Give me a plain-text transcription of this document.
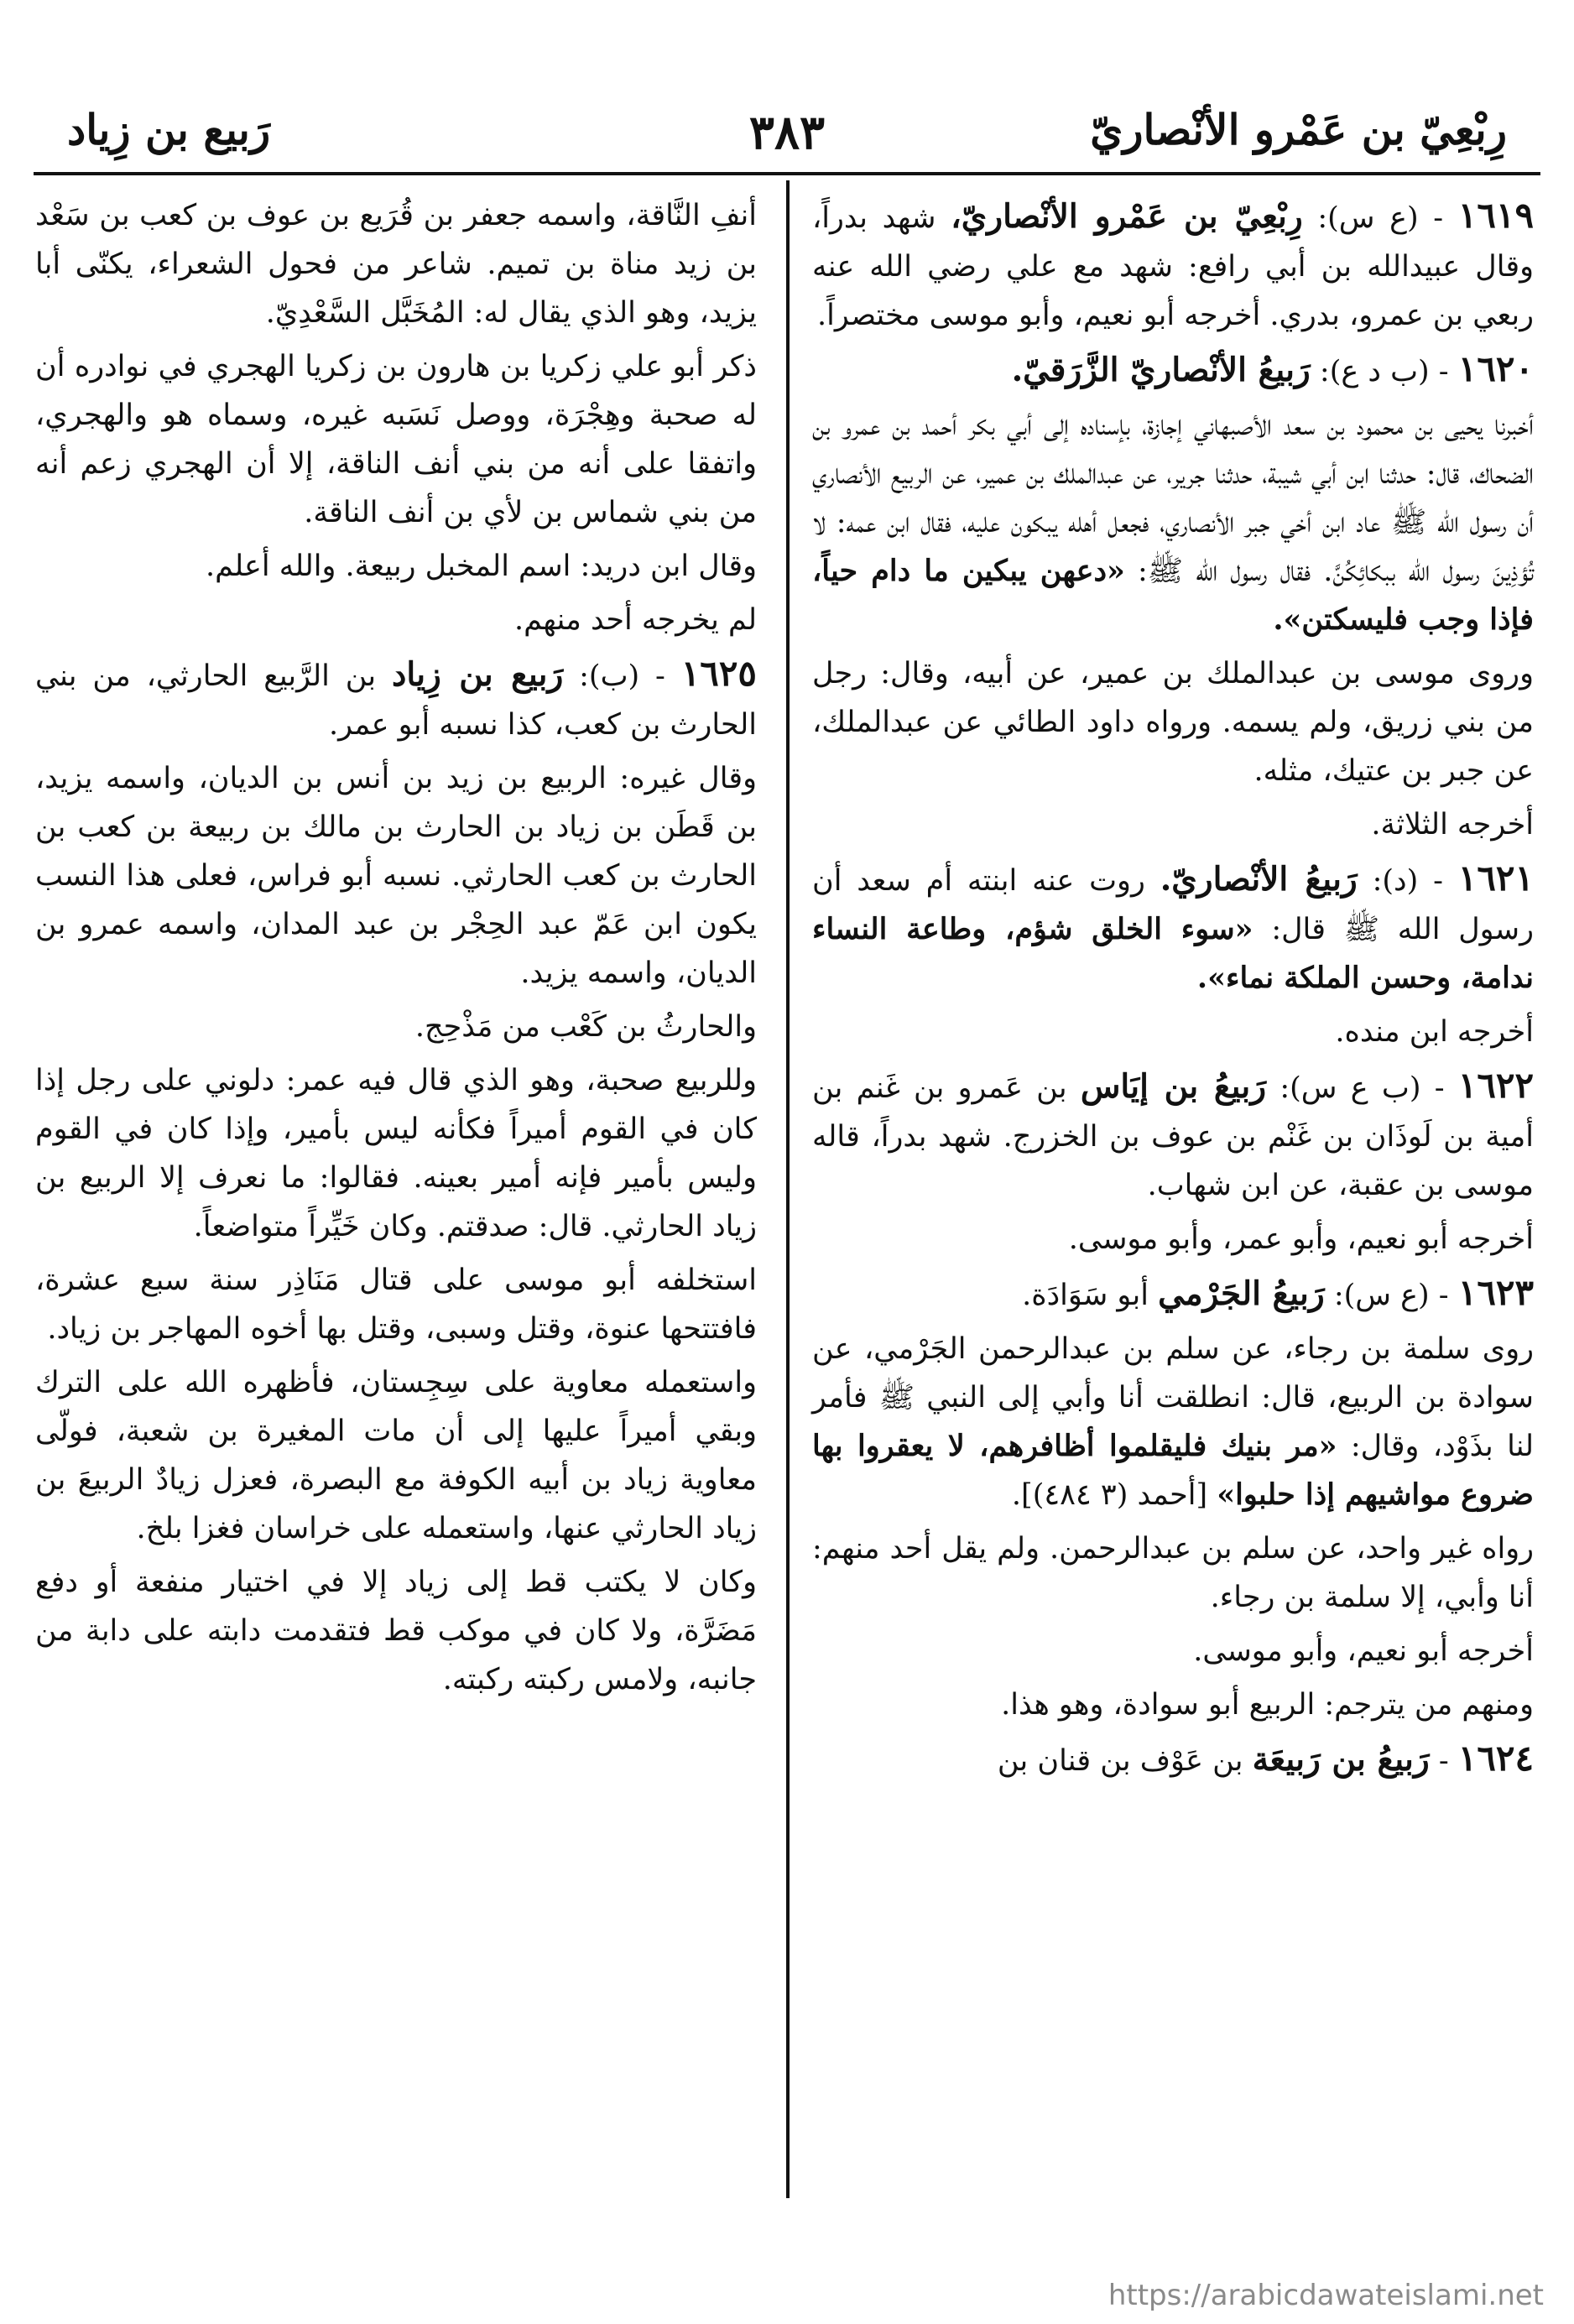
رِبْعِيّ بن عَمْرو الأنْصاريّ
٣٨٣
رَبيع بن زِياد

١٦١٩ - (ع س): رِبْعِيّ بن عَمْرو الأنْصاريّ، شهد بدراً، وقال عبيدالله بن أبي رافع: شهد مع علي رضي الله عنه ربعي بن عمرو، بدري. أخرجه أبو نعيم، وأبو موسى مختصراً.

١٦٢٠ - (ب د ع): رَبيعُ الأنْصاريّ الزَّرَقيّ.

أخبرنا يحيى بن محمود بن سعد الأصبهاني إجازة، بإسناده إلى أبي بكر أحمد بن عمرو بن الضحاك، قال: حدثنا ابن أبي شيبة، حدثنا جرير، عن عبدالملك بن عمير، عن الربيع الأنصاري أن رسول الله ﷺ عاد ابن أخي جبر الأنصاري، فجعل أهله يبكون عليه، فقال ابن عمه: لا تُؤذِينَ رسول الله ببكائِكُنَّ. فقال رسول الله ﷺ: «دعهن يبكين ما دام حياً، فإذا وجب فليسكتن».

وروى موسى بن عبدالملك بن عمير، عن أبيه، وقال: رجل من بني زريق، ولم يسمه. ورواه داود الطائي عن عبدالملك، عن جبر بن عتيك، مثله.

أخرجه الثلاثة.

١٦٢١ - (د): رَبيعُ الأنْصاريّ. روت عنه ابنته أم سعد أن رسول الله ﷺ قال: «سوء الخلق شؤم، وطاعة النساء ندامة، وحسن الملكة نماء».

أخرجه ابن منده.

١٦٢٢ - (ب ع س): رَبيعُ بن إيَاس بن عَمرو بن غَنم بن أمية بن لَوذَان بن غَنْم بن عوف بن الخزرج. شهد بدراً، قاله موسى بن عقبة، عن ابن شهاب.

أخرجه أبو نعيم، وأبو عمر، وأبو موسى.

١٦٢٣ - (ع س): رَبيعُ الجَرْمي أبو سَوَادَة.

روى سلمة بن رجاء، عن سلم بن عبدالرحمن الجَرْمي، عن سوادة بن الربيع، قال: انطلقت أنا وأبي إلى النبي ﷺ فأمر لنا بذَوْد، وقال: «مر بنيك فليقلموا أظافرهم، لا يعقروا بها ضروع مواشيهم إذا حلبوا» [أحمد (٣ ٤٨٤)].

رواه غير واحد، عن سلم بن عبدالرحمن. ولم يقل أحد منهم: أنا وأبي، إلا سلمة بن رجاء.

أخرجه أبو نعيم، وأبو موسى.

ومنهم من يترجم: الربيع أبو سوادة، وهو هذا.

١٦٢٤ - رَبيعُ بن رَبيعَة بن عَوْف بن قنان بن

أنفِ النَّاقة، واسمه جعفر بن قُرَيع بن عوف بن كعب بن سَعْد بن زيد مناة بن تميم. شاعر من فحول الشعراء، يكنّى أبا يزيد، وهو الذي يقال له: المُخَبَّل السَّعْدِيّ.

ذكر أبو علي زكريا بن هارون بن زكريا الهجري في نوادره أن له صحبة وهِجْرَة، ووصل نَسَبه غيره، وسماه هو والهجري، واتفقا على أنه من بني أنف الناقة، إلا أن الهجري زعم أنه من بني شماس بن لأي بن أنف الناقة.

وقال ابن دريد: اسم المخبل ربيعة. والله أعلم.

لم يخرجه أحد منهم.

١٦٢٥ - (ب): رَبيع بن زِياد بن الرَّبيع الحارثي، من بني الحارث بن كعب، كذا نسبه أبو عمر.

وقال غيره: الربيع بن زيد بن أنس بن الديان، واسمه يزيد، بن قَطَن بن زياد بن الحارث بن مالك بن ربيعة بن كعب بن الحارث بن كعب الحارثي. نسبه أبو فراس، فعلى هذا النسب يكون ابن عَمّ عبد الحِجْر بن عبد المدان، واسمه عمرو بن الديان، واسمه يزيد.

والحارثُ بن كَعْب من مَذْحِج.

وللربيع صحبة، وهو الذي قال فيه عمر: دلوني على رجل إذا كان في القوم أميراً فكأنه ليس بأمير، وإذا كان في القوم وليس بأمير فإنه أمير بعينه. فقالوا: ما نعرف إلا الربيع بن زياد الحارثي. قال: صدقتم. وكان خَيِّراً متواضعاً.

استخلفه أبو موسى على قتال مَنَاذِر سنة سبع عشرة، فافتتحها عنوة، وقتل وسبى، وقتل بها أخوه المهاجر بن زياد.

واستعمله معاوية على سِجِستان، فأظهره الله على الترك وبقي أميراً عليها إلى أن مات المغيرة بن شعبة، فولّى معاوية زياد بن أبيه الكوفة مع البصرة، فعزل زيادٌ الربيعَ بن زياد الحارثي عنها، واستعمله على خراسان فغزا بلخ.

وكان لا يكتب قط إلى زياد إلا في اختيار منفعة أو دفع مَضَرَّة، ولا كان في موكب قط فتقدمت دابته على دابة من جانبه، ولامس ركبته ركبته.

https://arabicdawateislami.net
